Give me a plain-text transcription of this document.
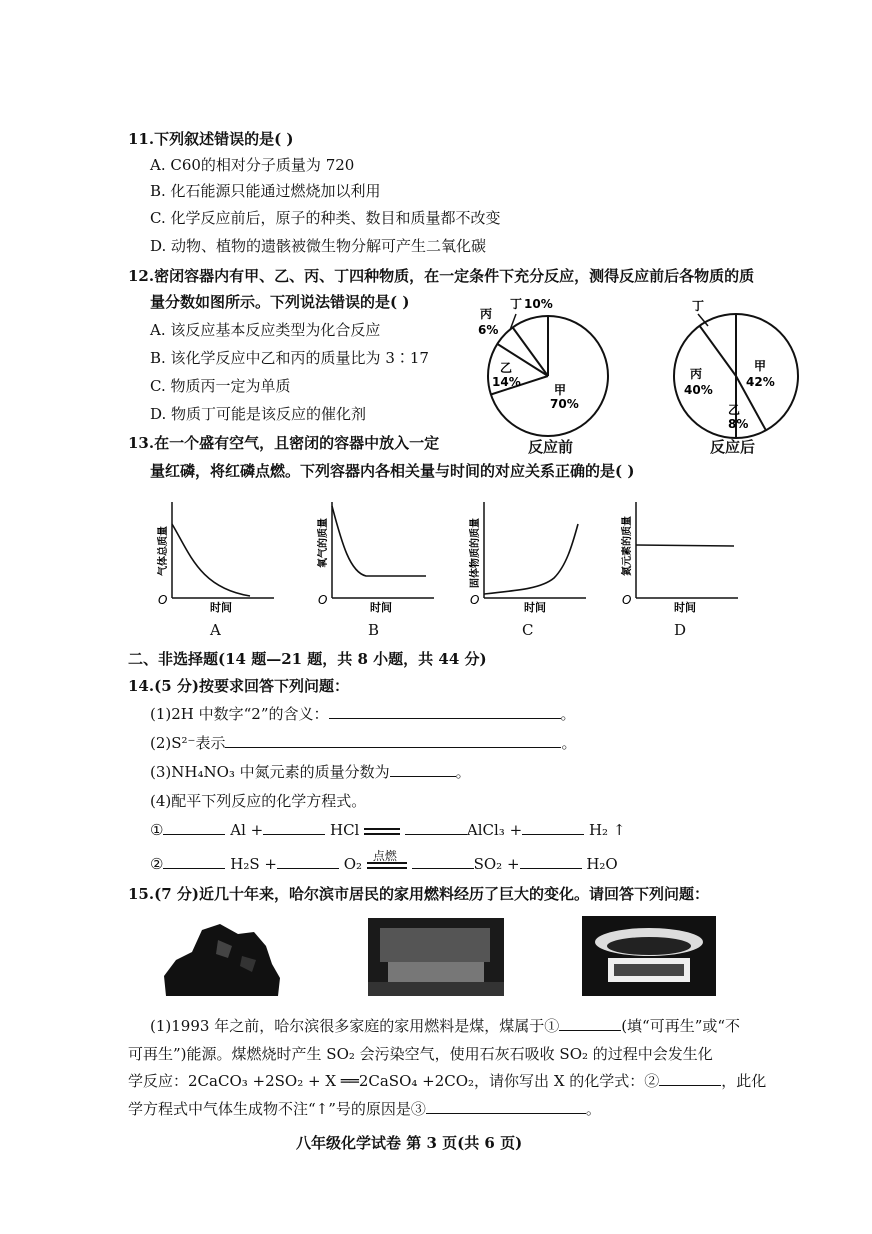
11.下列叙述错误的是( )
A. C60的相对分子质量为 720
B. 化石能源只能通过燃烧加以利用
C. 化学反应前后，原子的种类、数目和质量都不改变
D. 动物、植物的遗骸被微生物分解可产生二氧化碳
12.密闭容器内有甲、乙、丙、丁四种物质，在一定条件下充分反应，测得反应前后各物质的质
量分数如图所示。下列说法错误的是( )
A. 该反应基本反应类型为化合反应
B. 该化学反应中乙和丙的质量比为 3∶17
C. 物质丙一定为单质
D. 物质丁可能是该反应的催化剂
甲
70%
乙
14%
丙
6%
丁 10%
反应前
甲
42%
乙
8%
丙
40%
丁
反应后
13.在一个盛有空气，且密闭的容器中放入一定
量红磷，将红磷点燃。下列容器内各相关量与时间的对应关系正确的是( )
O
时间
气体总质量
A
O
时间
氧气的质量
B
O
时间
固体物质的质量
C
O
时间
氮元素的质量
D
二、非选择题(14 题—21 题，共 8 小题，共 44 分)
14.(5 分)按要求回答下列问题：
(1)2H 中数字“2”的含义：	。
(2)S²⁻表示	。
(3)NH₄NO₃ 中氮元素的质量分数为	。
(4)配平下列反应的化学方程式。
①	Al +	HCl	AlCl₃ +	H₂ ↑
②	H₂S +	O₂ 点燃	SO₂ +	H₂O
15.(7 分)近几十年来，哈尔滨市居民的家用燃料经历了巨大的变化。请回答下列问题：
(1)1993 年之前，哈尔滨很多家庭的家用燃料是煤，煤属于①	(填“可再生”或“不
可再生”)能源。煤燃烧时产生 SO₂ 会污染空气，使用石灰石吸收 SO₂ 的过程中会发生化
学反应：2CaCO₃ +2SO₂ + X ══2CaSO₄ +2CO₂，请你写出 X 的化学式：②	，此化
学方程式中气体生成物不注“↑”号的原因是③	。
八年级化学试卷 第 3 页(共 6 页)
